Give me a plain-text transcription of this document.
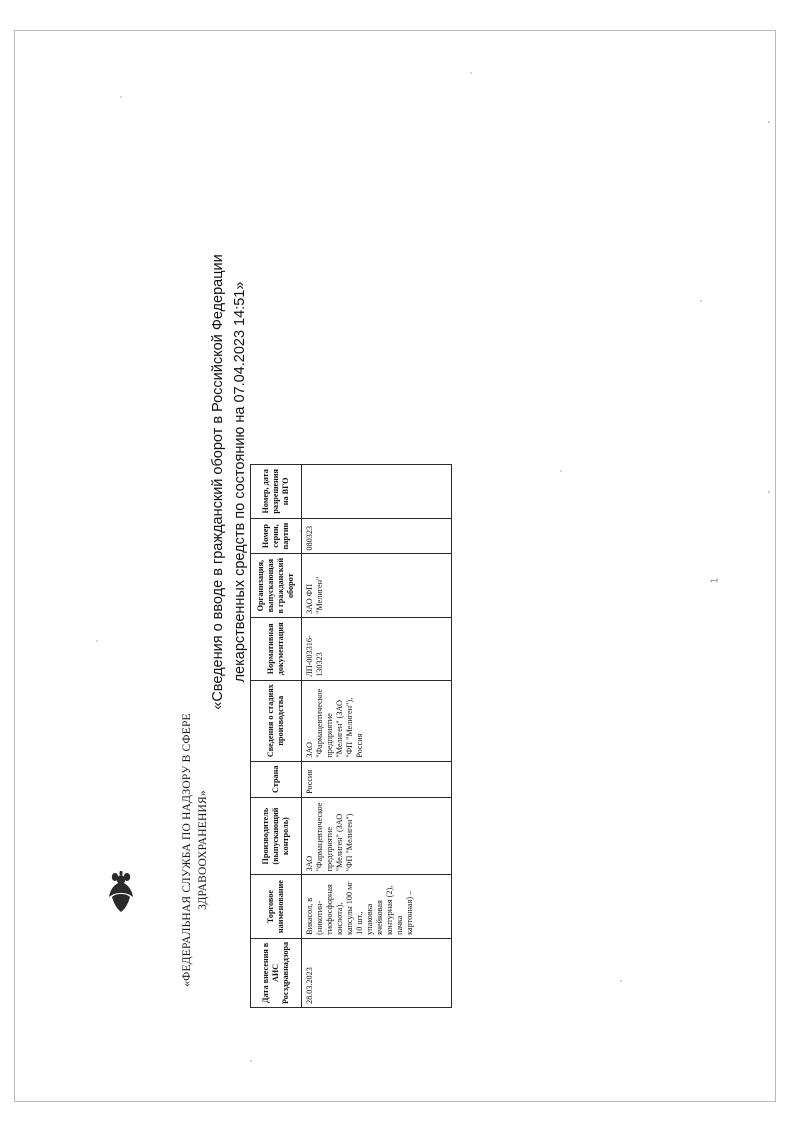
'
'
1
«ФЕДЕРАЛЬНАЯ СЛУЖБА ПО НАДЗОРУ В СФЕРЕ ЗДРАВООХРАНЕНИЯ»
«Сведения о вводе в гражданский оборот в Российской Федерации лекарственных средств по состоянию на 07.04.2023 14:51»
Дата внесения в АИС Росздравнадзора	Торговое наименование	Производитель (выпускающий контроль)	Страна	Сведения о стадиях производства	Нормативная документация	Организация, выпускающая в гражданский оборот	Номер серии, партии	Номер, дата разрешения на ВГО
28.03.2023	Викасол, в (никотин-тиофосфорная кислота), капсулы 100 мг 10 шт., упаковка ячейковая контурная (2), пачка картонная) –	ЗАО "Фармацевтическое предприятие "Мелиген" (ЗАО "ФП "Мелиген")	Россия	ЗАО "Фармацевтическое предприятие "Мелиген" (ЗАО "ФП "Мелиген"), Россия	ЛП-003316-130323	ЗАО ФП "Мелиген"	080323	
